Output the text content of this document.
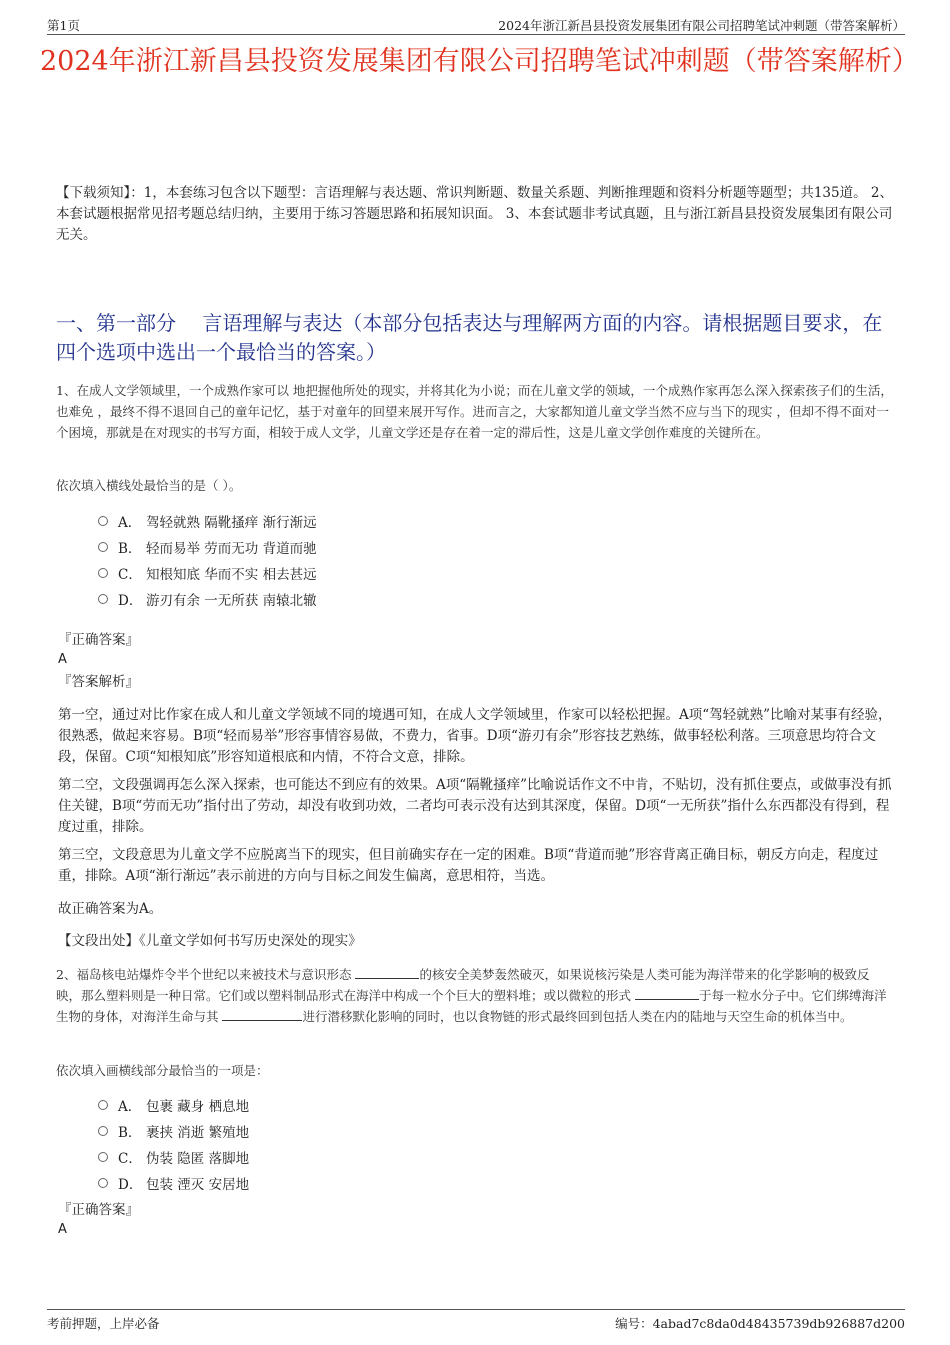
第1页	2024年浙江新昌县投资发展集团有限公司招聘笔试冲刺题（带答案解析）
2024年浙江新昌县投资发展集团有限公司招聘笔试冲刺题（带答案解析）
【下载须知】：1，本套练习包含以下题型：言语理解与表达题、常识判断题、数量关系题、判断推理题和资料分析题等题型；共135道。 2、本套试题根据常见招考题总结归纳，主要用于练习答题思路和拓展知识面。 3、本套试题非考试真题，且与浙江新昌县投资发展集团有限公司无关。
一、第一部分　 言语理解与表达（本部分包括表达与理解两方面的内容。请根据题目要求，在四个选项中选出一个最恰当的答案。）
1、在成人文学领域里，一个成熟作家可以 地把握他所处的现实，并将其化为小说；而在儿童文学的领域，一个成熟作家再怎么深入探索孩子们的生活，也难免 ，最终不得不退回自己的童年记忆，基于对童年的回望来展开写作。进而言之，大家都知道儿童文学当然不应与当下的现实 ，但却不得不面对一个困境，那就是在对现实的书写方面，相较于成人文学，儿童文学还是存在着一定的滞后性，这是儿童文学创作难度的关键所在。
依次填入横线处最恰当的是（ ）。
A． 驾轻就熟 隔靴搔痒 渐行渐远
B． 轻而易举 劳而无功 背道而驰
C． 知根知底 华而不实 相去甚远
D． 游刃有余 一无所获 南辕北辙
『正确答案』
A
『答案解析』
第一空，通过对比作家在成人和儿童文学领域不同的境遇可知，在成人文学领域里，作家可以轻松把握。A项“驾轻就熟”比喻对某事有经验，很熟悉，做起来容易。B项“轻而易举”形容事情容易做，不费力，省事。D项“游刃有余”形容技艺熟练，做事轻松利落。三项意思均符合文段，保留。C项“知根知底”形容知道根底和内情，不符合文意，排除。
第二空，文段强调再怎么深入探索，也可能达不到应有的效果。A项“隔靴搔痒”比喻说话作文不中肯，不贴切，没有抓住要点，或做事没有抓住关键，B项“劳而无功”指付出了劳动，却没有收到功效，二者均可表示没有达到其深度，保留。D项“一无所获”指什么东西都没有得到，程度过重，排除。
第三空，文段意思为儿童文学不应脱离当下的现实，但目前确实存在一定的困难。B项“背道而驰”形容背离正确目标，朝反方向走，程度过重，排除。A项“渐行渐远”表示前进的方向与目标之间发生偏离，意思相符，当选。
故正确答案为A。
【文段出处】《儿童文学如何书写历史深处的现实》
2、福岛核电站爆炸令半个世纪以来被技术与意识形态	的核安全美梦轰然破灭，如果说核污染是人类可能为海洋带来的化学影响的极致反映，那么塑料则是一种日常。它们或以塑料制品形式在海洋中构成一个个巨大的塑料堆；或以微粒的形式	于每一粒水分子中。它们绑缚海洋生物的身体，对海洋生命与其	进行潜移默化影响的同时，也以食物链的形式最终回到包括人类在内的陆地与天空生命的机体当中。
依次填入画横线部分最恰当的一项是：
A． 包裹 藏身 栖息地
B． 裹挟 消逝 繁殖地
C． 伪装 隐匿 落脚地
D． 包装 湮灭 安居地
『正确答案』
A
考前押题，上岸必备	编号：4abad7c8da0d48435739db926887d200
